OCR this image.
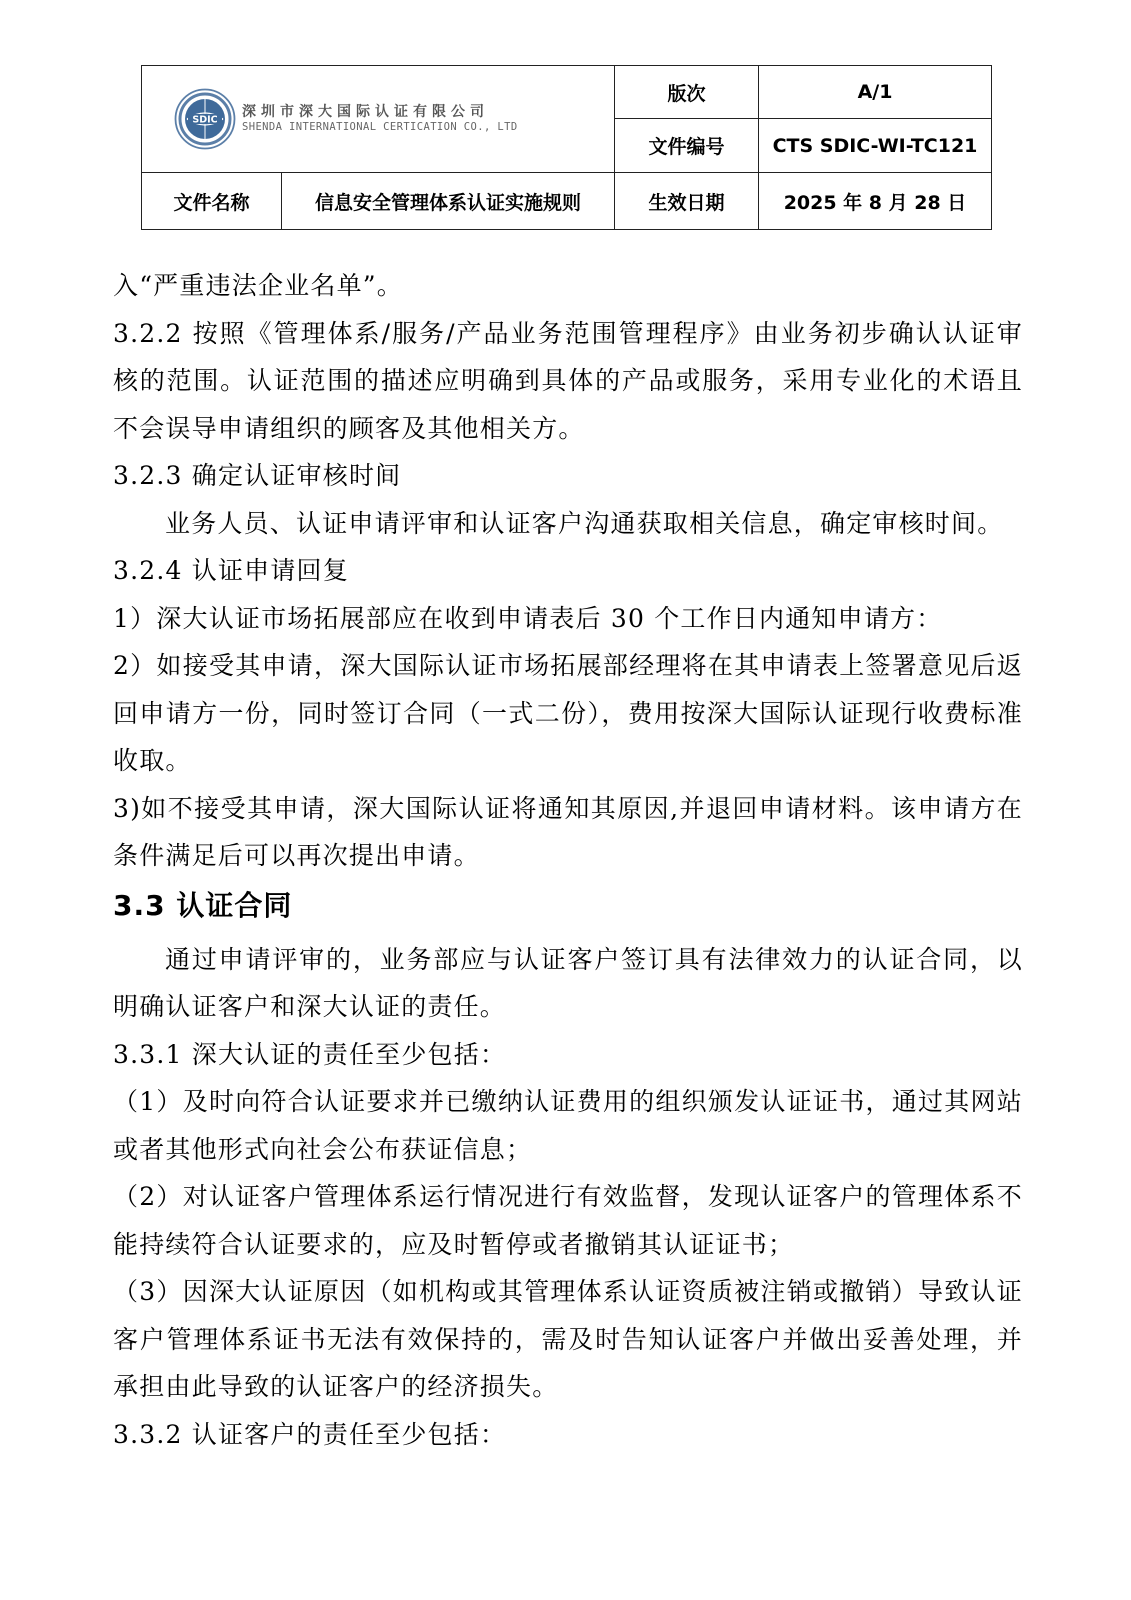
SDIC
深圳市深大国际认证有限公司
SHENDA INTERNATIONAL CERTICATION CO., LTD		版次	A/1
		文件编号	CTS SDIC-WI-TC121
文件名称	信息安全管理体系认证实施规则	生效日期	2025 年 8 月 28 日

入“严重违法企业名单”。

3.2.2 按照《管理体系/服务/产品业务范围管理程序》由业务初步确认认证审核的范围。认证范围的描述应明确到具体的产品或服务，采用专业化的术语且不会误导申请组织的顾客及其他相关方。

3.2.3 确定认证审核时间

业务人员、认证申请评审和认证客户沟通获取相关信息，确定审核时间。

3.2.4 认证申请回复

1）深大认证市场拓展部应在收到申请表后 30 个工作日内通知申请方：

2）如接受其申请，深大国际认证市场拓展部经理将在其申请表上签署意见后返回申请方一份，同时签订合同（一式二份），费用按深大国际认证现行收费标准收取。

3)如不接受其申请，深大国际认证将通知其原因,并退回申请材料。该申请方在条件满足后可以再次提出申请。

3.3 认证合同

通过申请评审的，业务部应与认证客户签订具有法律效力的认证合同，以明确认证客户和深大认证的责任。

3.3.1 深大认证的责任至少包括：

（1）及时向符合认证要求并已缴纳认证费用的组织颁发认证证书，通过其网站或者其他形式向社会公布获证信息；

（2）对认证客户管理体系运行情况进行有效监督，发现认证客户的管理体系不能持续符合认证要求的，应及时暂停或者撤销其认证证书；

（3）因深大认证原因（如机构或其管理体系认证资质被注销或撤销）导致认证客户管理体系证书无法有效保持的，需及时告知认证客户并做出妥善处理，并承担由此导致的认证客户的经济损失。

3.3.2 认证客户的责任至少包括：
